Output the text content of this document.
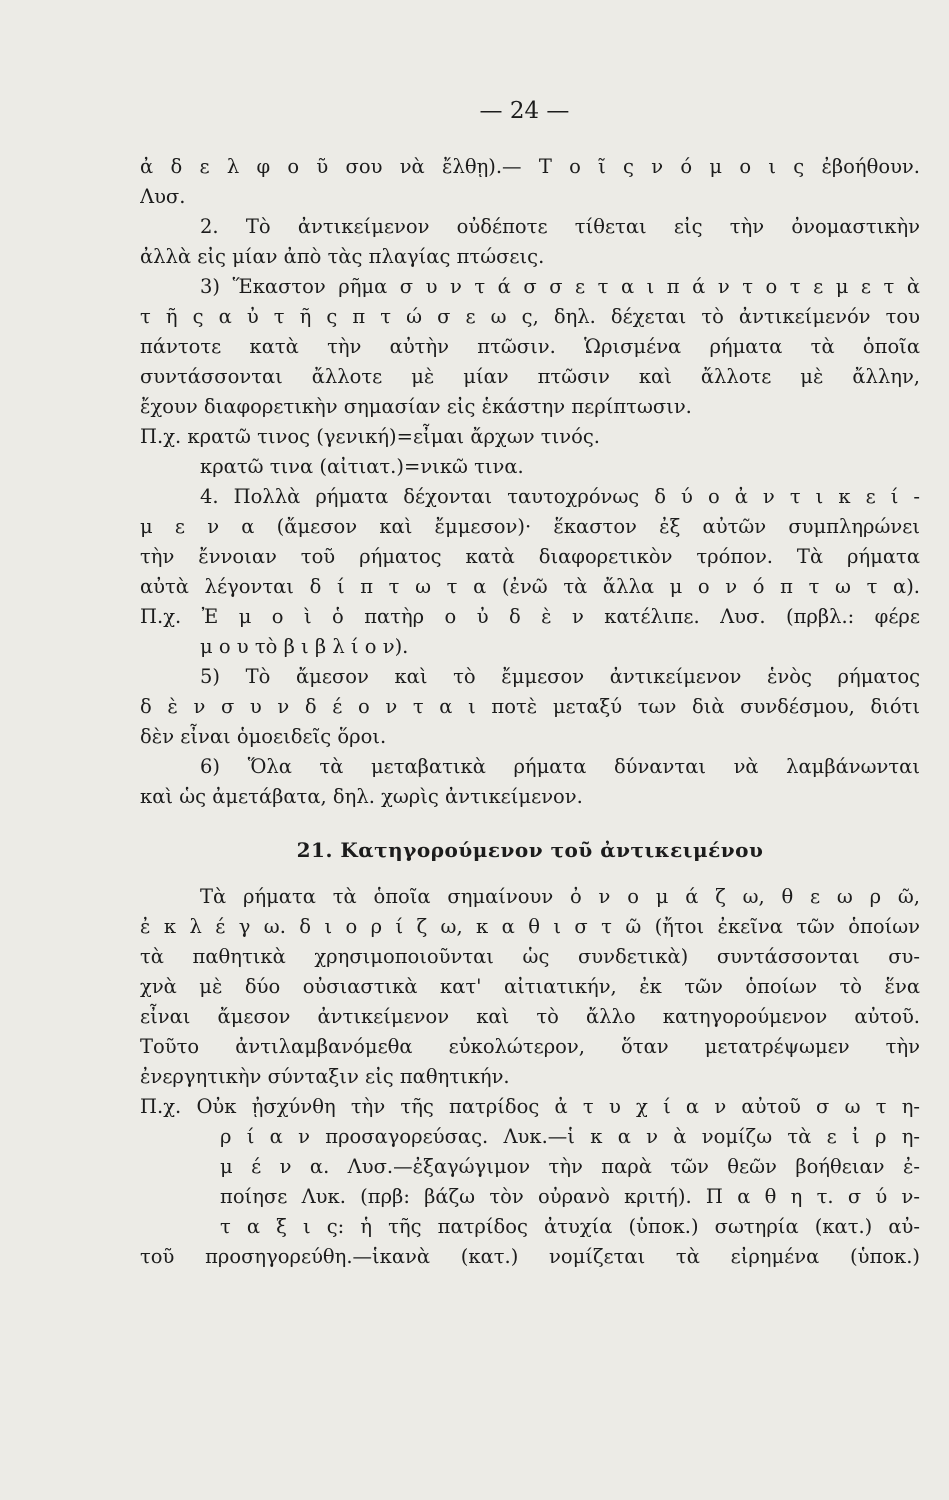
— 24 —
ἀ δ ε λ φ ο ῦ σου νὰ ἔλθῃ).— Τ ο ῖ ς ν ό μ ο ι ς ἐβοήθουν.
Λυσ.
2. Τὸ ἀντικείμενον οὐδέποτε τίθεται εἰς τὴν ὀνομαστικὴν
ἀλλὰ εἰς μίαν ἀπὸ τὰς πλαγίας πτώσεις.
3) Ἕκαστον ρῆμα σ υ ν τ ά σ σ ε τ α ι π ά ν τ ο τ ε μ ε τ ὰ
τ ῆ ς α ὐ τ ῆ ς π τ ώ σ ε ω ς, δηλ. δέχεται τὸ ἀντικείμενόν του
πάντοτε κατὰ τὴν αὐτὴν πτῶσιν. Ὡρισμένα ρήματα τὰ ὁποῖα
συντάσσονται ἄλλοτε μὲ μίαν πτῶσιν καὶ ἄλλοτε μὲ ἄλλην,
ἔχουν διαφορετικὴν σημασίαν εἰς ἑκάστην περίπτωσιν.
Π.χ. κρατῶ τινος (γενική)=εἶμαι ἄρχων τινός.
κρατῶ τινα (αἰτιατ.)=νικῶ τινα.
4. Πολλὰ ρήματα δέχονται ταυτοχρόνως δ ύ ο ἀ ν τ ι κ ε ί -
μ ε ν α (ἄμεσον καὶ ἔμμεσον)· ἕκαστον ἐξ αὐτῶν συμπληρώνει
τὴν ἔννοιαν τοῦ ρήματος κατὰ διαφορετικὸν τρόπον. Τὰ ρήματα
αὐτὰ λέγονται δ ί π τ ω τ α (ἐνῶ τὰ ἄλλα μ ο ν ό π τ ω τ α).
Π.χ. Ἐ μ ο ὶ ὁ πατὴρ ο ὐ δ ὲ ν κατέλιπε. Λυσ. (πρβλ.: φέρε
μ ο υ τὸ β ι β λ ί ο ν).
5) Τὸ ἄμεσον καὶ τὸ ἔμμεσον ἀντικείμενον ἑνὸς ρήματος
δ ὲ ν σ υ ν δ έ ο ν τ α ι ποτὲ μεταξύ των διὰ συνδέσμου, διότι
δὲν εἶναι ὁμοειδεῖς ὅροι.
6) Ὅλα τὰ μεταβατικὰ ρήματα δύνανται νὰ λαμβάνωνται
καὶ ὡς ἀμετάβατα, δηλ. χωρὶς ἀντικείμενον.
21. Κατηγορούμενον τοῦ ἀντικειμένου
Τὰ ρήματα τὰ ὁποῖα σημαίνουν ὀ ν ο μ ά ζ ω, θ ε ω ρ ῶ,
ἐ κ λ έ γ ω. δ ι ο ρ ί ζ ω, κ α θ ι σ τ ῶ (ἤτοι ἐκεῖνα τῶν ὁποίων
τὰ παθητικὰ χρησιμοποιοῦνται ὡς συνδετικὰ) συντάσσονται συ-
χνὰ μὲ δύο οὐσιαστικὰ κατ' αἰτιατικήν, ἐκ τῶν ὁποίων τὸ ἕνα
εἶναι ἄμεσον ἀντικείμενον καὶ τὸ ἄλλο κατηγορούμενον αὐτοῦ.
Τοῦτο ἀντιλαμβανόμεθα εὐκολώτερον, ὅταν μετατρέψωμεν τὴν
ἐνεργητικὴν σύνταξιν εἰς παθητικήν.
Π.χ. Οὐκ ᾐσχύνθη τὴν τῆς πατρίδος ἀ τ υ χ ί α ν αὐτοῦ σ ω τ η-
ρ ί α ν προσαγορεύσας. Λυκ.—ἱ κ α ν ὰ νομίζω τὰ ε ἰ ρ η-
μ έ ν α. Λυσ.—ἐξαγώγιμον τὴν παρὰ τῶν θεῶν βοήθειαν ἐ-
ποίησε Λυκ. (πρβ: βάζω τὸν οὐρανὸ κριτή). Π α θ η τ. σ ύ ν-
τ α ξ ι ς: ἡ τῆς πατρίδος ἀτυχία (ὑποκ.) σωτηρία (κατ.) αὐ-
τοῦ προσηγορεύθη.—ἱκανὰ (κατ.) νομίζεται τὰ εἰρημένα (ὑποκ.)
